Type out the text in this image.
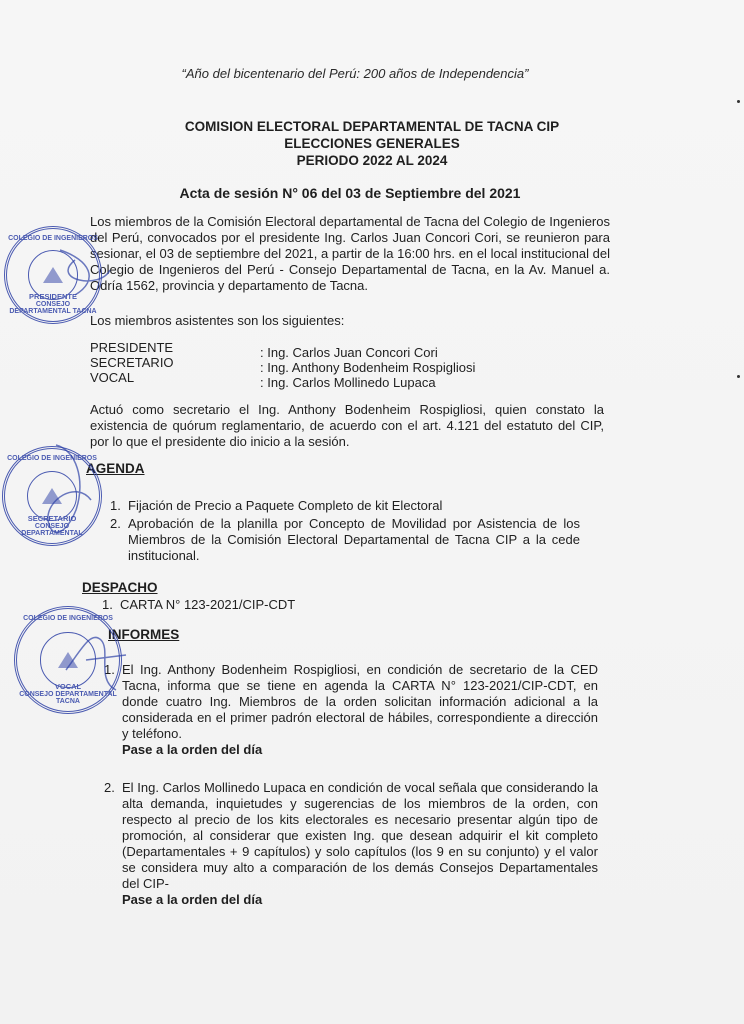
“Año del bicentenario del Perú: 200 años de Independencia”
COMISION ELECTORAL DEPARTAMENTAL DE TACNA CIP
ELECCIONES GENERALES
PERIODO 2022 AL 2024
Acta de sesión N° 06 del 03 de Septiembre del 2021
Los miembros de la Comisión Electoral departamental de Tacna del Colegio de Ingenieros del Perú, convocados por el presidente Ing. Carlos Juan Concori Cori, se reunieron para sesionar, el 03 de septiembre del 2021, a partir de la 16:00 hrs. en el local institucional del Colegio de Ingenieros del Perú - Consejo Departamental de Tacna, en la Av. Manuel a. Odría 1562, provincia y departamento de Tacna.
Los miembros asistentes son los siguientes:
PRESIDENTE
SECRETARIO
VOCAL
: Ing. Carlos Juan Concori Cori
: Ing. Anthony Bodenheim Rospigliosi
: Ing. Carlos Mollinedo Lupaca
Actuó como secretario el Ing. Anthony Bodenheim Rospigliosi, quien constato la existencia de quórum reglamentario, de acuerdo con el art. 4.121 del estatuto del CIP, por lo que el presidente dio inicio a la sesión.
AGENDA
1. Fijación de Precio a Paquete Completo de kit Electoral
2. Aprobación de la planilla por Concepto de Movilidad por Asistencia de los Miembros de la Comisión Electoral Departamental de Tacna CIP a la cede institucional.
DESPACHO
1. CARTA N° 123-2021/CIP-CDT
INFORMES
1. El Ing. Anthony Bodenheim Rospigliosi, en condición de secretario de la CED Tacna, informa que se tiene en agenda la CARTA N° 123-2021/CIP-CDT, en donde cuatro Ing. Miembros de la orden solicitan información adicional a la considerada en el primer padrón electoral de hábiles, correspondiente a dirección y teléfono.
Pase a la orden del día
2. El Ing. Carlos Mollinedo Lupaca en condición de vocal señala que considerando la alta demanda, inquietudes y sugerencias de los miembros de la orden, con respecto al precio de los kits electorales es necesario presentar algún tipo de promoción, al considerar que existen Ing. que desean adquirir el kit completo (Departamentales + 9 capítulos) y solo capítulos (los 9 en su conjunto) y el valor se considera muy alto a comparación de los demás Consejos Departamentales del CIP-
Pase a la orden del día
COLEGIO DE INGENIEROS
PRESIDENTE
CONSEJO DEPARTAMENTAL TACNA
COLEGIO DE INGENIEROS
SECRETARIO
CONSEJO DEPARTAMENTAL
COLEGIO DE INGENIEROS
VOCAL
CONSEJO DEPARTAMENTAL TACNA
